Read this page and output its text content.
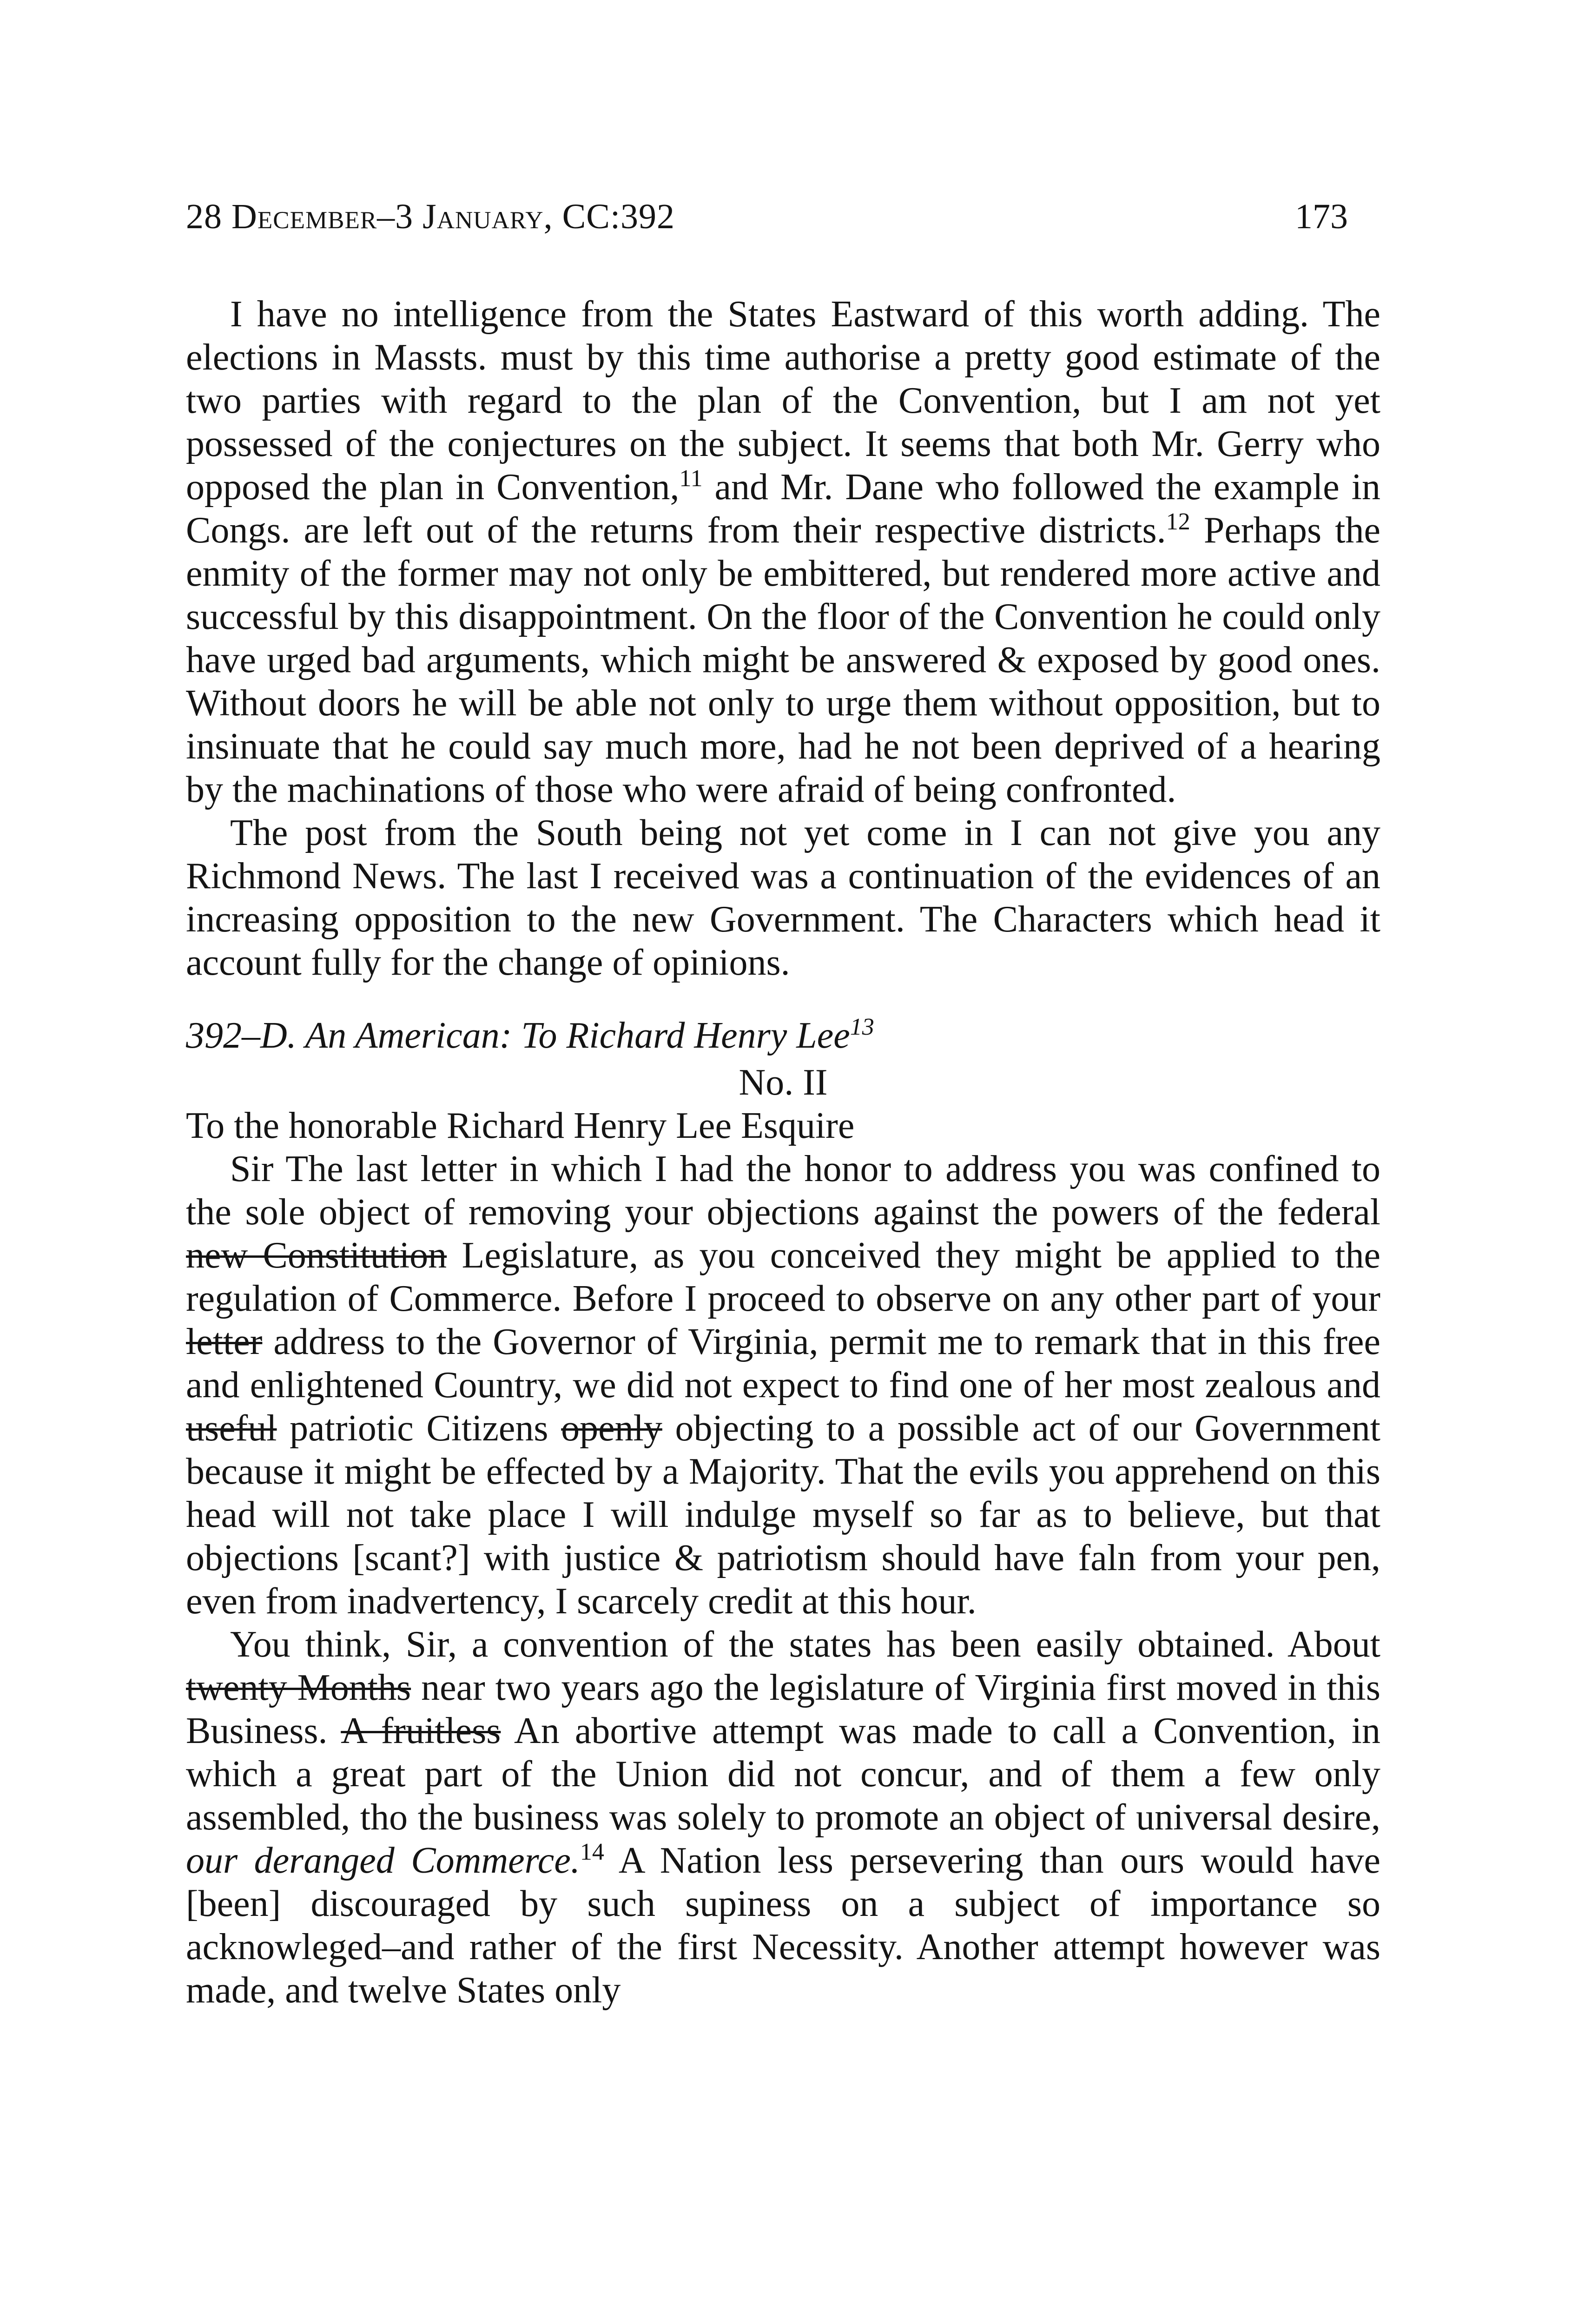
28 December–3 January, CC:392	173

I have no intelligence from the States Eastward of this worth adding. The elections in Massts. must by this time authorise a pretty good estimate of the two parties with regard to the plan of the Convention, but I am not yet possessed of the conjectures on the subject. It seems that both Mr. Gerry who opposed the plan in Convention,$^{11}$ and Mr. Dane who followed the example in Congs. are left out of the returns from their respective districts.$^{12}$ Perhaps the enmity of the former may not only be embittered, but rendered more active and successful by this disappointment. On the floor of the Convention he could only have urged bad arguments, which might be answered & exposed by good ones. Without doors he will be able not only to urge them without opposition, but to insinuate that he could say much more, had he not been deprived of a hearing by the machinations of those who were afraid of being confronted.

The post from the South being not yet come in I can not give you any Richmond News. The last I received was a continuation of the evidences of an increasing opposition to the new Government. The Characters which head it account fully for the change of opinions.

392–D. An American: To Richard Henry Lee$^{13}$

No. II

To the honorable Richard Henry Lee Esquire

Sir The last letter in which I had the honor to address you was confined to the sole object of removing your objections against the powers of the federal new Constitution Legislature, as you conceived they might be applied to the regulation of Commerce. Before I proceed to observe on any other part of your letter address to the Governor of Virginia, permit me to remark that in this free and enlightened Country, we did not expect to find one of her most zealous and useful patriotic Citizens openly objecting to a possible act of our Government because it might be effected by a Majority. That the evils you apprehend on this head will not take place I will indulge myself so far as to believe, but that objections [scant?] with justice & patriotism should have faln from your pen, even from inadvertency, I scarcely credit at this hour.

You think, Sir, a convention of the states has been easily obtained. About twenty Months near two years ago the legislature of Virginia first moved in this Business. A fruitless An abortive attempt was made to call a Convention, in which a great part of the Union did not concur, and of them a few only assembled, tho the business was solely to promote an object of universal desire, our deranged Commerce.$^{14}$ A Nation less persevering than ours would have [been] discouraged by such supiness on a subject of importance so acknowleged–and rather of the first Necessity. Another attempt however was made, and twelve States only
